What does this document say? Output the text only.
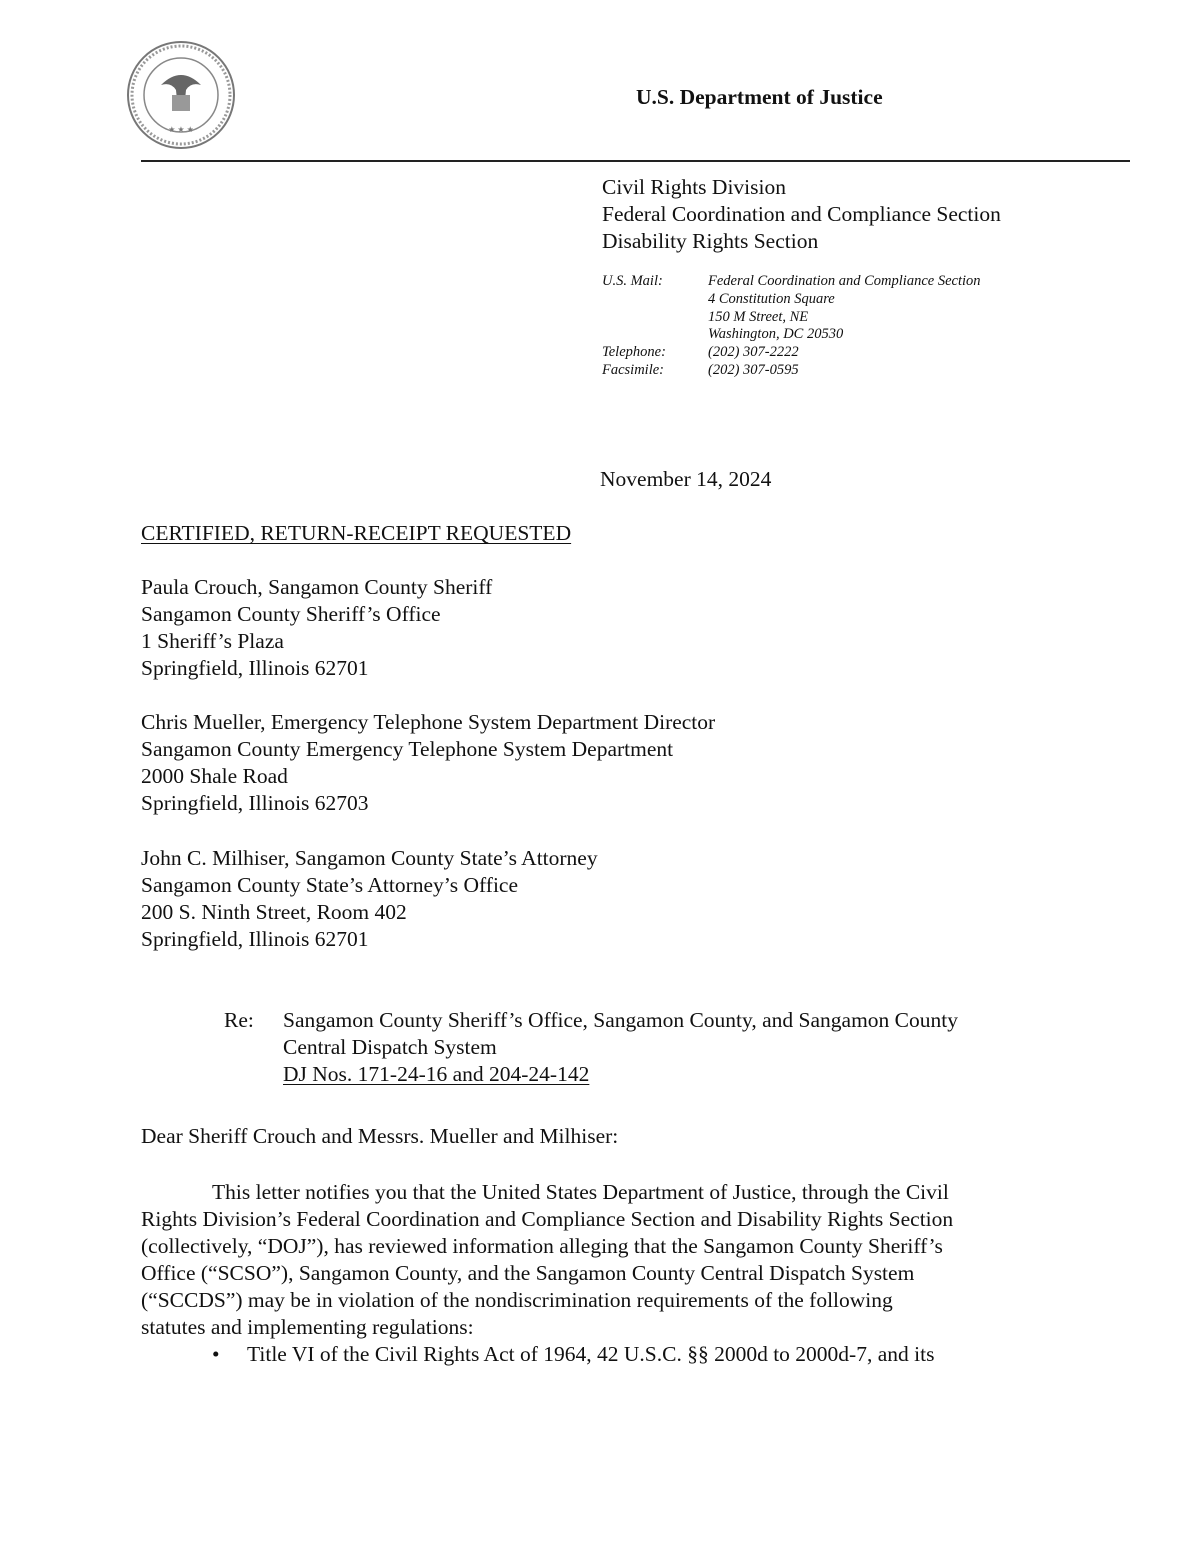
★ ★ ★
U.S. Department of Justice
Civil Rights Division
Federal Coordination and Compliance Section
Disability Rights Section
U.S. Mail:	Federal Coordination and Compliance Section
4 Constitution Square
150 M Street, NE
Washington, DC 20530
Telephone:	(202) 307-2222
Facsimile:	(202) 307-0595
November 14, 2024
CERTIFIED, RETURN-RECEIPT REQUESTED
Paula Crouch, Sangamon County Sheriff
Sangamon County Sheriff’s Office
1 Sheriff’s Plaza
Springfield, Illinois 62701
Chris Mueller, Emergency Telephone System Department Director
Sangamon County Emergency Telephone System Department
2000 Shale Road
Springfield, Illinois 62703
John C. Milhiser, Sangamon County State’s Attorney
Sangamon County State’s Attorney’s Office
200 S. Ninth Street, Room 402
Springfield, Illinois 62701
Re: Sangamon County Sheriff’s Office, Sangamon County, and Sangamon County
Central Dispatch System
DJ Nos. 171-24-16 and 204-24-142
Dear Sheriff Crouch and Messrs. Mueller and Milhiser:
This letter notifies you that the United States Department of Justice, through the Civil
Rights Division’s Federal Coordination and Compliance Section and Disability Rights Section
(collectively, “DOJ”), has reviewed information alleging that the Sangamon County Sheriff’s
Office (“SCSO”), Sangamon County, and the Sangamon County Central Dispatch System
(“SCCDS”) may be in violation of the nondiscrimination requirements of the following
statutes and implementing regulations:
• Title VI of the Civil Rights Act of 1964, 42 U.S.C. §§ 2000d to 2000d-7, and its
